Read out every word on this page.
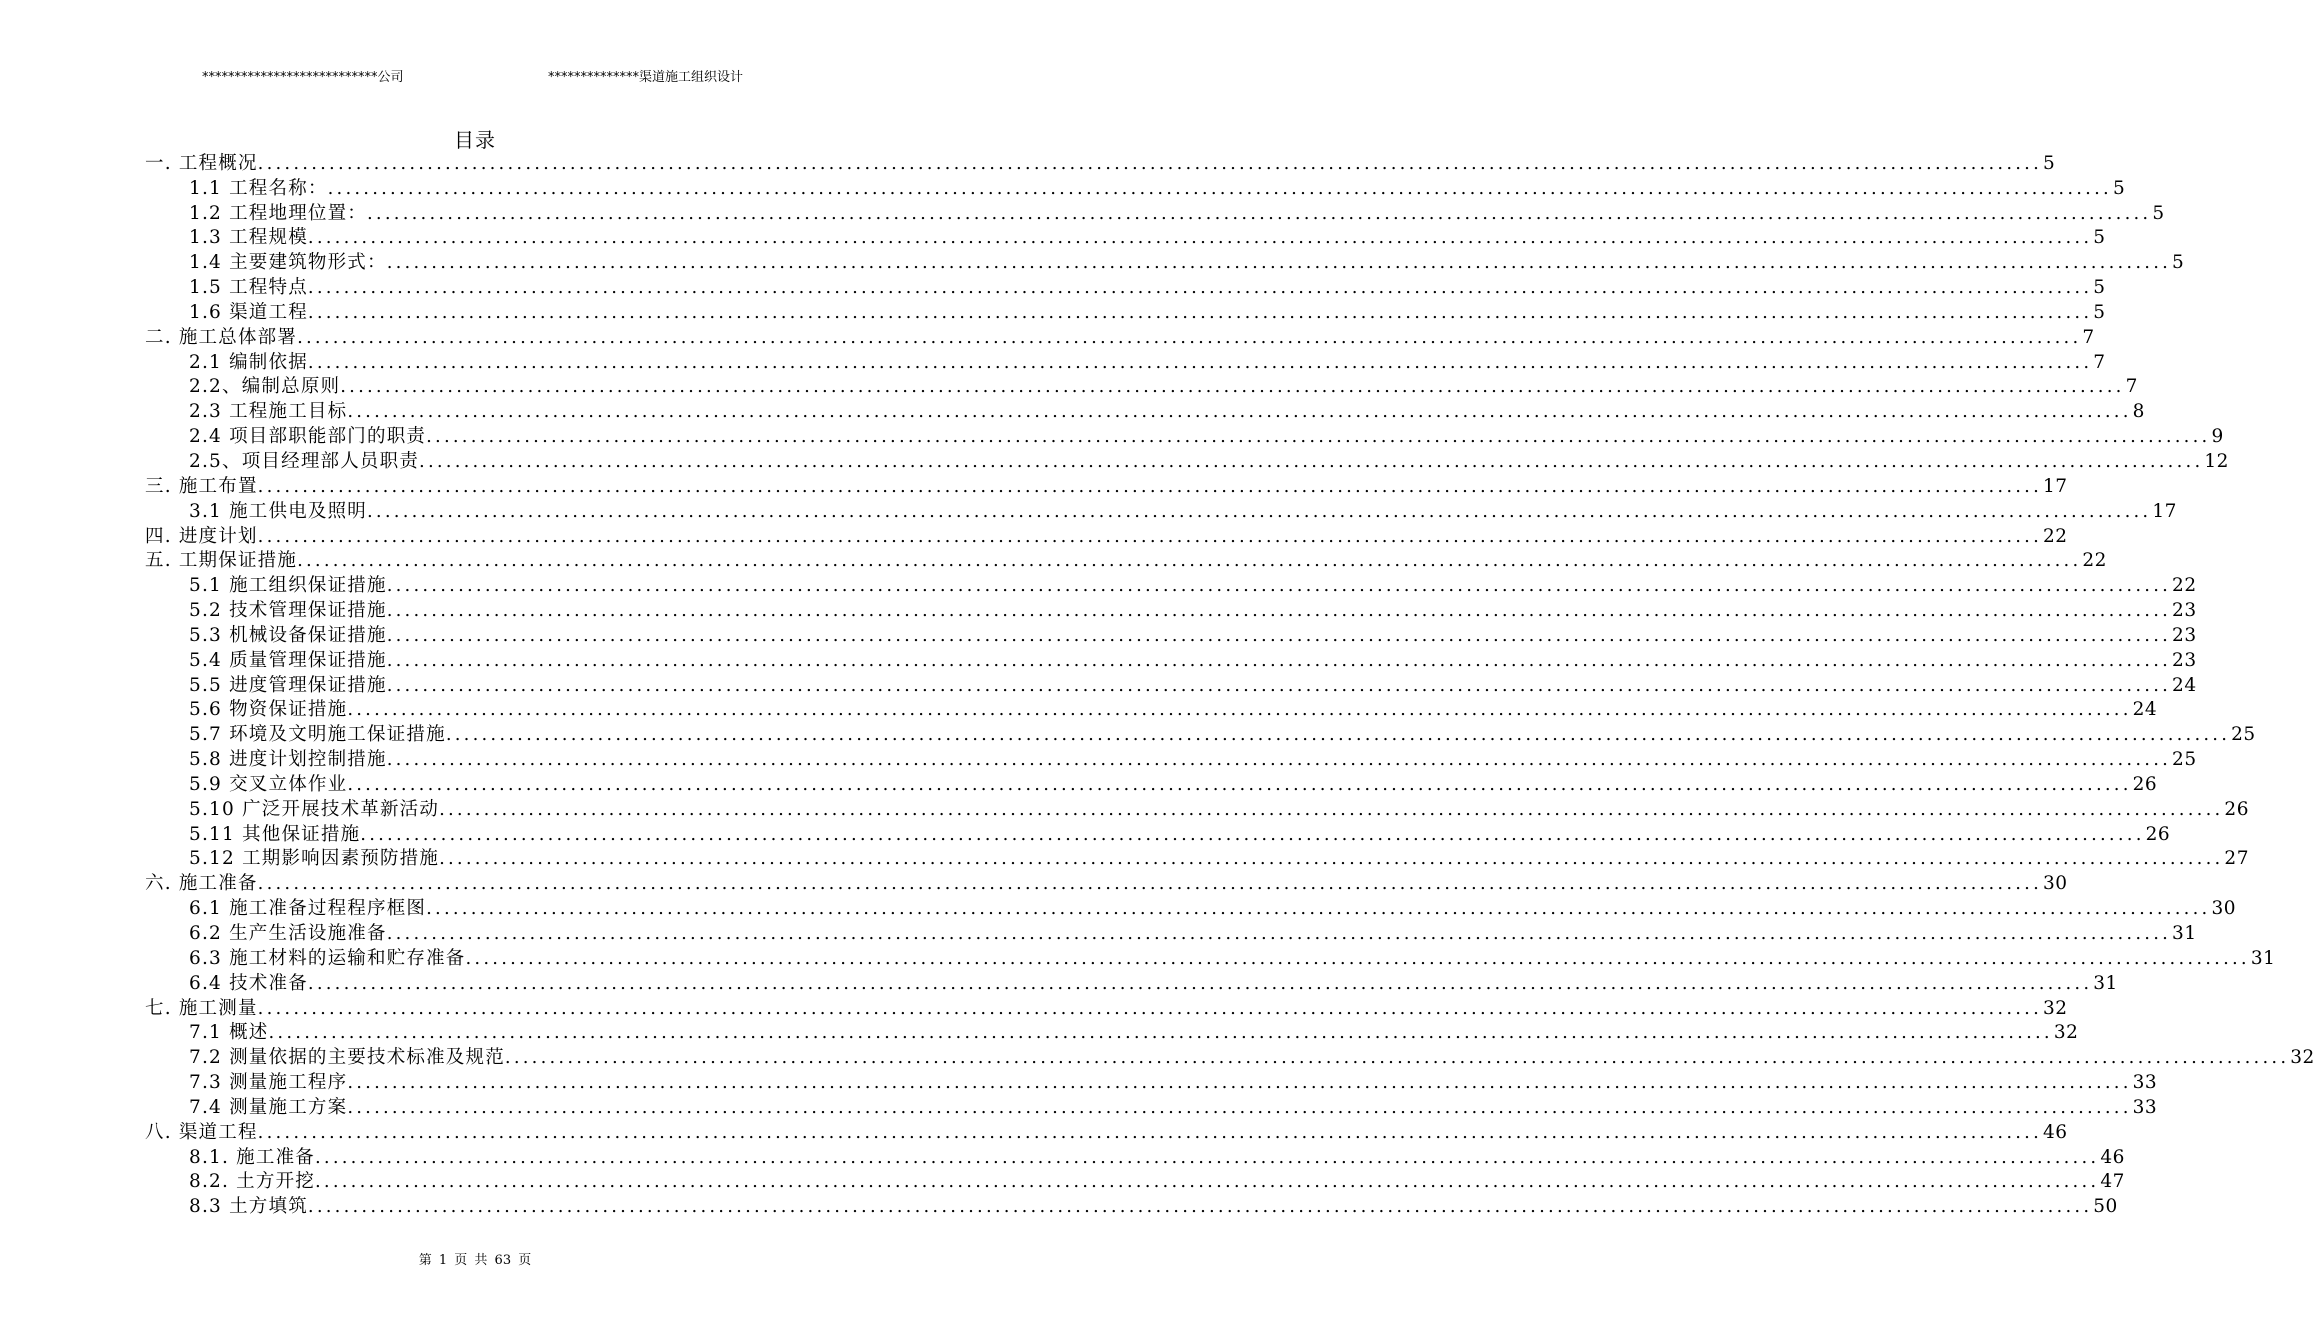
***************************公司	**************渠道施工组织设计
目录
一. 工程概况 ........................................................................................................................................................................................................ 5
1.1 工程名称： ........................................................................................................................................................................................................ 5
1.2 工程地理位置： ........................................................................................................................................................................................................ 5
1.3 工程规模 ........................................................................................................................................................................................................ 5
1.4 主要建筑物形式： ........................................................................................................................................................................................................ 5
1.5 工程特点 ........................................................................................................................................................................................................ 5
1.6 渠道工程 ........................................................................................................................................................................................................ 5
二. 施工总体部署 ........................................................................................................................................................................................................ 7
2.1 编制依据 ........................................................................................................................................................................................................ 7
2.2、编制总原则 ........................................................................................................................................................................................................ 7
2.3 工程施工目标 ........................................................................................................................................................................................................ 8
2.4 项目部职能部门的职责 ........................................................................................................................................................................................................ 9
2.5、项目经理部人员职责 ........................................................................................................................................................................................................ 12
三. 施工布置 ........................................................................................................................................................................................................ 17
3.1 施工供电及照明 ........................................................................................................................................................................................................ 17
四. 进度计划 ........................................................................................................................................................................................................ 22
五. 工期保证措施 ........................................................................................................................................................................................................ 22
5.1 施工组织保证措施 ........................................................................................................................................................................................................ 22
5.2 技术管理保证措施 ........................................................................................................................................................................................................ 23
5.3 机械设备保证措施 ........................................................................................................................................................................................................ 23
5.4 质量管理保证措施 ........................................................................................................................................................................................................ 23
5.5 进度管理保证措施 ........................................................................................................................................................................................................ 24
5.6 物资保证措施 ........................................................................................................................................................................................................ 24
5.7 环境及文明施工保证措施 ........................................................................................................................................................................................................ 25
5.8 进度计划控制措施 ........................................................................................................................................................................................................ 25
5.9 交叉立体作业 ........................................................................................................................................................................................................ 26
5.10 广泛开展技术革新活动 ........................................................................................................................................................................................................ 26
5.11 其他保证措施 ........................................................................................................................................................................................................ 26
5.12 工期影响因素预防措施 ........................................................................................................................................................................................................ 27
六. 施工准备 ........................................................................................................................................................................................................ 30
6.1 施工准备过程程序框图 ........................................................................................................................................................................................................ 30
6.2 生产生活设施准备 ........................................................................................................................................................................................................ 31
6.3 施工材料的运输和贮存准备 ........................................................................................................................................................................................................ 31
6.4 技术准备 ........................................................................................................................................................................................................ 31
七. 施工测量 ........................................................................................................................................................................................................ 32
7.1 概述 ........................................................................................................................................................................................................ 32
7.2 测量依据的主要技术标准及规范 ........................................................................................................................................................................................................ 32
7.3 测量施工程序 ........................................................................................................................................................................................................ 33
7.4 测量施工方案 ........................................................................................................................................................................................................ 33
八. 渠道工程 ........................................................................................................................................................................................................ 46
8.1. 施工准备 ........................................................................................................................................................................................................ 46
8.2. 土方开挖 ........................................................................................................................................................................................................ 47
8.3 土方填筑 ........................................................................................................................................................................................................ 50
第 1 页 共 63 页
